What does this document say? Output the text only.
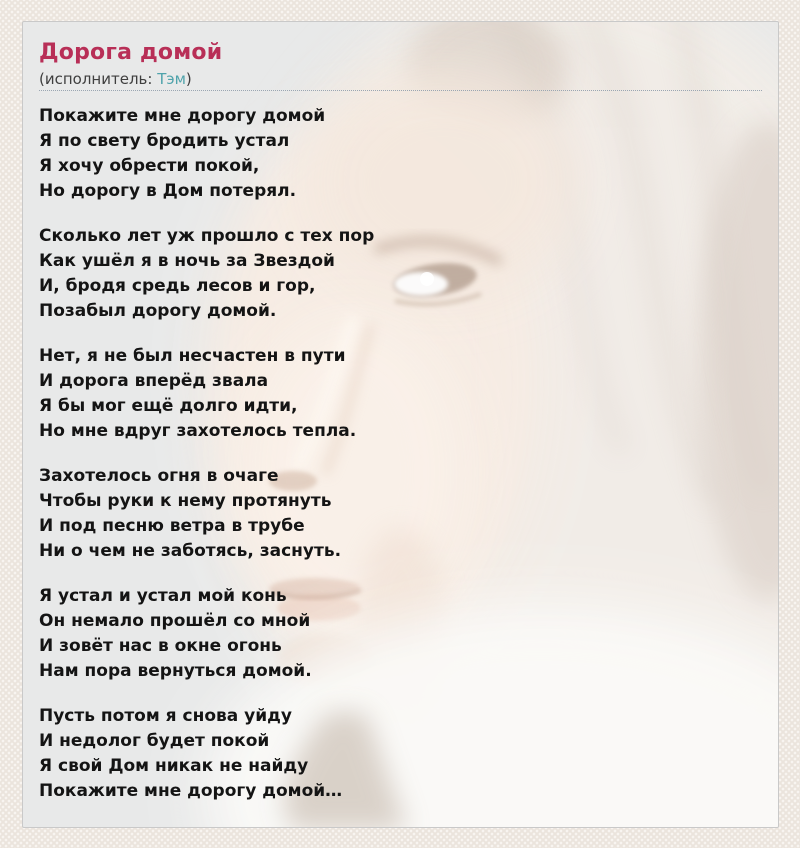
Дорога домой
(исполнитель: Тэм)

Покажите мне дорогу домой
Я по свету бродить устал
Я хочу обрести покой,
Но дорогу в Дом потерял.

Сколько лет уж прошло с тех пор
Как ушёл я в ночь за Звездой
И, бродя средь лесов и гор,
Позабыл дорогу домой.

Нет, я не был несчастен в пути
И дорога вперёд звала
Я бы мог ещё долго идти,
Но мне вдруг захотелось тепла.

Захотелось огня в очаге
Чтобы руки к нему протянуть
И под песню ветра в трубе
Ни о чем не заботясь, заснуть.

Я устал и устал мой конь
Он немало прошёл со мной
И зовёт нас в окне огонь
Нам пора вернуться домой.

Пусть потом я снова уйду
И недолог будет покой
Я свой Дом никак не найду
Покажите мне дорогу домой…
